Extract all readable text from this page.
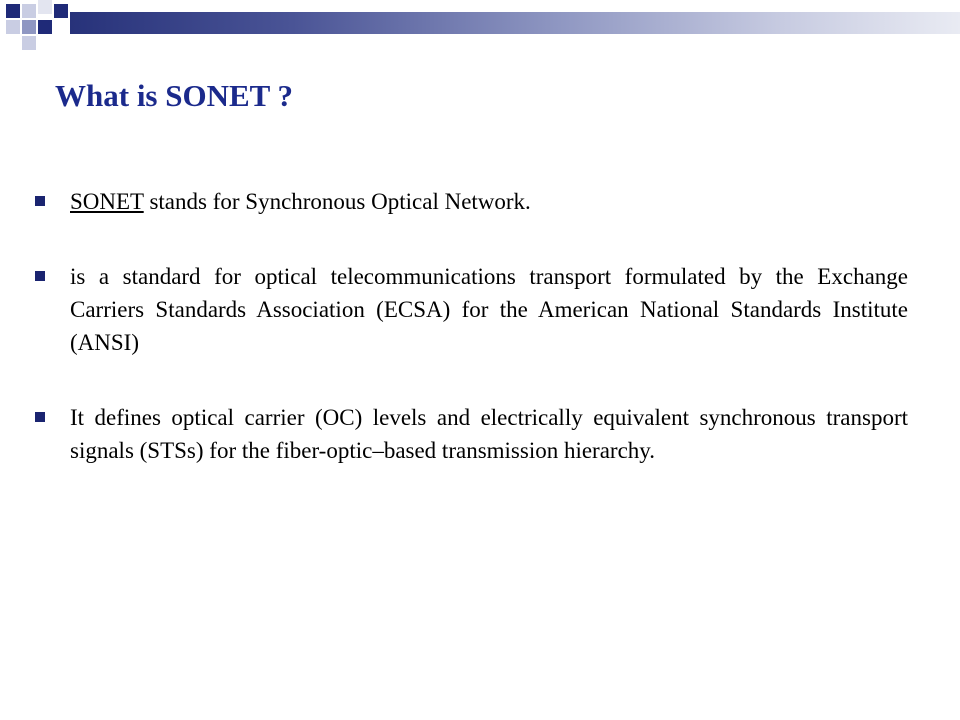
What is SONET ?
SONET stands for Synchronous Optical Network.
is a standard for optical telecommunications transport formulated by the Exchange Carriers Standards Association (ECSA) for the American National Standards Institute (ANSI)
It defines optical carrier (OC) levels and electrically equivalent synchronous transport signals (STSs) for the fiber-optic–based transmission hierarchy.
